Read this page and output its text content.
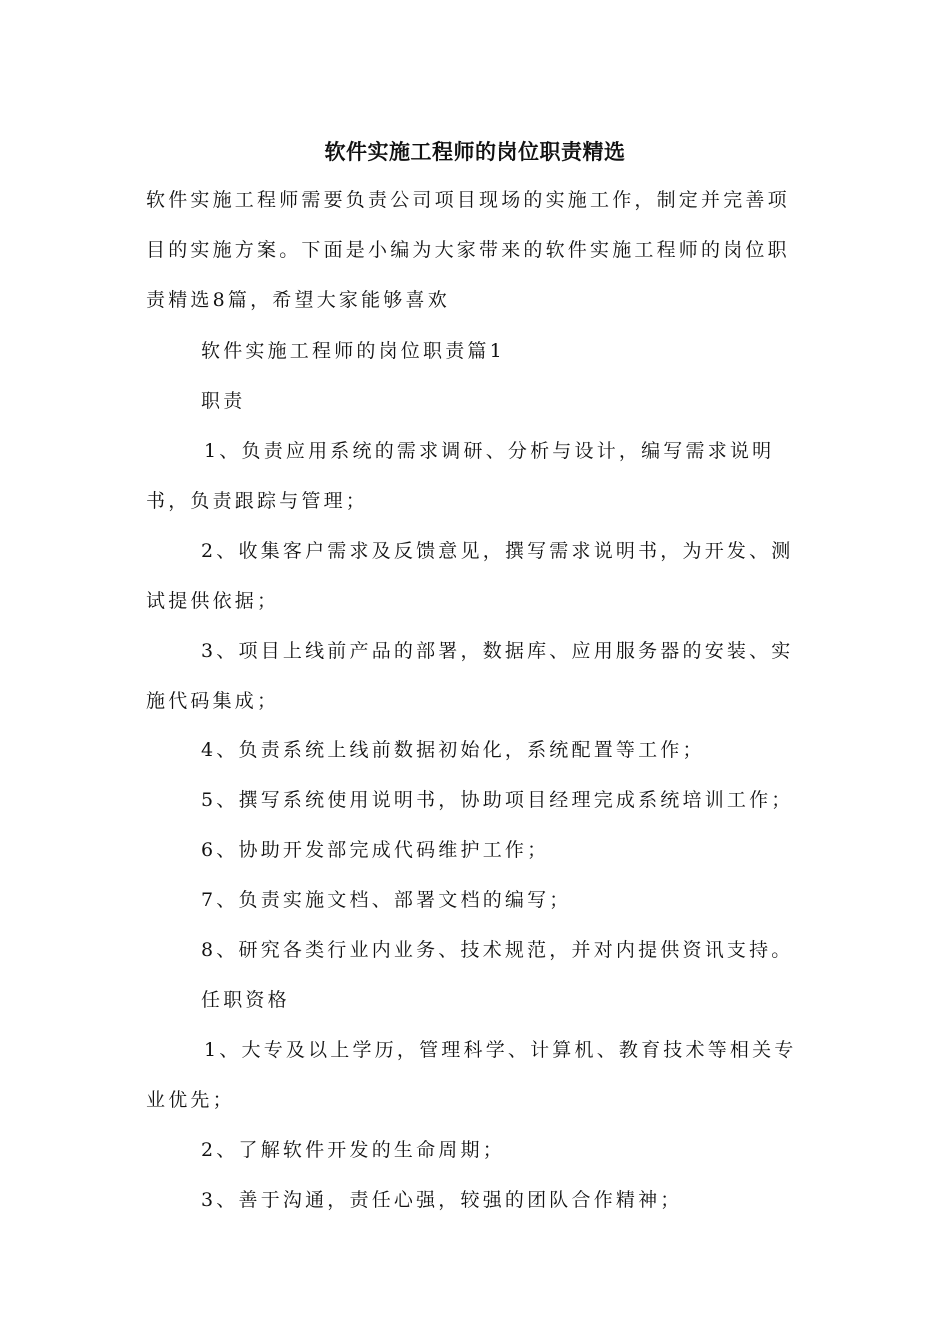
软件实施工程师的岗位职责精选
软件实施工程师需要负责公司项目现场的实施工作，制定并完善项
目的实施方案。下面是小编为大家带来的软件实施工程师的岗位职
责精选8篇，希望大家能够喜欢
软件实施工程师的岗位职责篇1
职责
1、负责应用系统的需求调研、分析与设计，编写需求说明
书，负责跟踪与管理；
2、收集客户需求及反馈意见，撰写需求说明书，为开发、测
试提供依据；
3、项目上线前产品的部署，数据库、应用服务器的安装、实
施代码集成；
4、负责系统上线前数据初始化，系统配置等工作；
5、撰写系统使用说明书，协助项目经理完成系统培训工作；
6、协助开发部完成代码维护工作；
7、负责实施文档、部署文档的编写；
8、研究各类行业内业务、技术规范，并对内提供资讯支持。
任职资格
1、大专及以上学历，管理科学、计算机、教育技术等相关专
业优先；
2、了解软件开发的生命周期；
3、善于沟通，责任心强，较强的团队合作精神；
